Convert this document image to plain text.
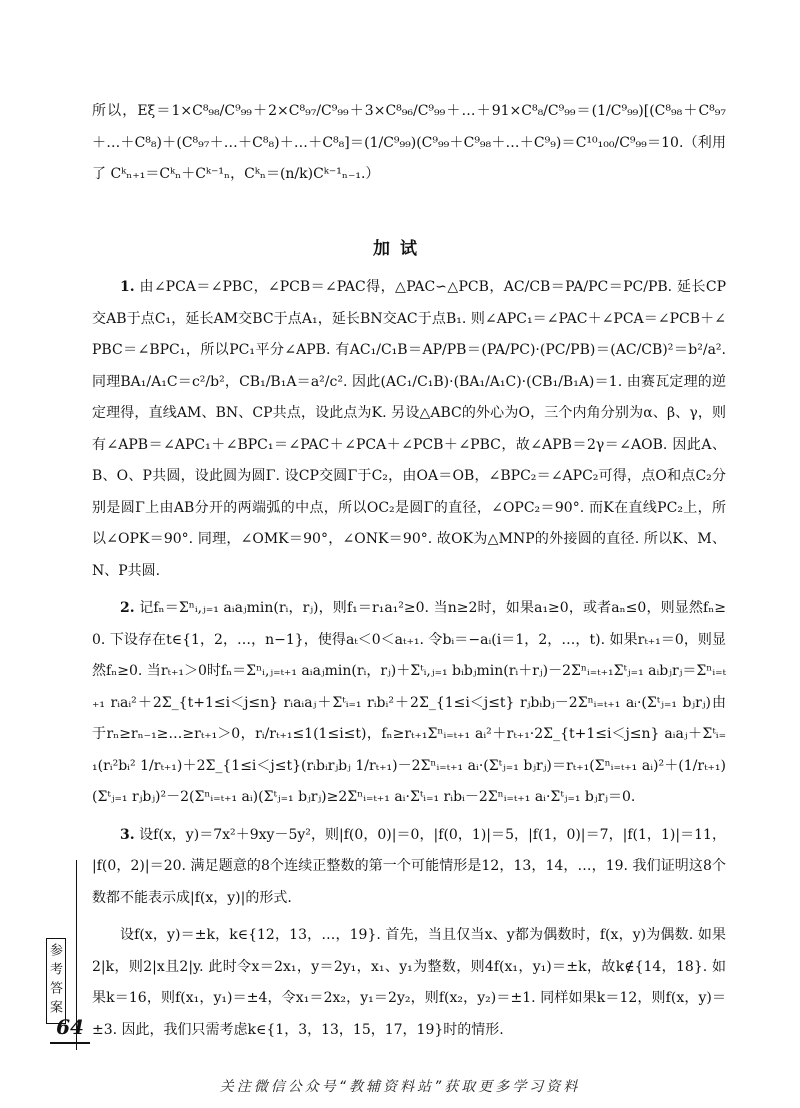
所以，Eξ＝1×C⁸₉₈/C⁹₉₉＋2×C⁸₉₇/C⁹₉₉＋3×C⁸₉₆/C⁹₉₉＋…＋91×C⁸₈/C⁹₉₉＝(1/C⁹₉₉)[(C⁸₉₈＋C⁸₉₇＋…＋C⁸₈)＋(C⁸₉₇＋…＋C⁸₈)＋…＋C⁸₈]＝(1/C⁹₉₉)(C⁹₉₉＋C⁹₉₈＋…＋C⁹₉)＝C¹⁰₁₀₀/C⁹₉₉＝10.（利用了 Cᵏₙ₊₁＝Cᵏₙ＋Cᵏ⁻¹ₙ，Cᵏₙ＝(n/k)Cᵏ⁻¹ₙ₋₁.）

加试

1. 由∠PCA＝∠PBC，∠PCB＝∠PAC得，△PAC∽△PCB，AC/CB＝PA/PC＝PC/PB. 延长CP交AB于点C₁，延长AM交BC于点A₁，延长BN交AC于点B₁. 则∠APC₁＝∠PAC＋∠PCA＝∠PCB＋∠PBC＝∠BPC₁，所以PC₁平分∠APB. 有AC₁/C₁B＝AP/PB＝(PA/PC)·(PC/PB)＝(AC/CB)²＝b²/a². 同理BA₁/A₁C＝c²/b²，CB₁/B₁A＝a²/c². 因此(AC₁/C₁B)·(BA₁/A₁C)·(CB₁/B₁A)＝1. 由赛瓦定理的逆定理得，直线AM、BN、CP共点，设此点为K. 另设△ABC的外心为O，三个内角分别为α、β、γ，则有∠APB＝∠APC₁＋∠BPC₁＝∠PAC＋∠PCA＋∠PCB＋∠PBC，故∠APB＝2γ＝∠AOB. 因此A、B、O、P共圆，设此圆为圆Γ. 设CP交圆Γ于C₂，由OA＝OB，∠BPC₂＝∠APC₂可得，点O和点C₂分别是圆Γ上由AB分开的两端弧的中点，所以OC₂是圆Γ的直径，∠OPC₂＝90°. 而K在直线PC₂上，所以∠OPK＝90°. 同理，∠OMK＝90°，∠ONK＝90°. 故OK为△MNP的外接圆的直径. 所以K、M、N、P共圆.

2. 记fₙ＝Σⁿᵢ,ⱼ₌₁ aᵢaⱼmin(rᵢ，rⱼ)，则f₁＝r₁a₁²≥0. 当n≥2时，如果a₁≥0，或者aₙ≤0，则显然fₙ≥0. 下设存在t∈{1，2，…，n−1}，使得aₜ＜0＜aₜ₊₁. 令bᵢ＝−aᵢ(i＝1，2，…，t). 如果rₜ₊₁＝0，则显然fₙ≥0. 当rₜ₊₁＞0时fₙ＝Σⁿᵢ,ⱼ₌ₜ₊₁ aᵢaⱼmin(rᵢ，rⱼ)＋Σᵗᵢ,ⱼ₌₁ bᵢbⱼmin(rᵢ＋rⱼ)－2Σⁿᵢ₌ₜ₊₁Σᵗⱼ₌₁ aᵢbⱼrⱼ＝Σⁿᵢ₌ₜ₊₁ rᵢaᵢ²＋2Σ_{t+1≤i＜j≤n} rᵢaᵢaⱼ＋Σᵗᵢ₌₁ rᵢbᵢ²＋2Σ_{1≤i＜j≤t} rⱼbᵢbⱼ－2Σⁿᵢ₌ₜ₊₁ aᵢ·(Σᵗⱼ₌₁ bⱼrⱼ)由于rₙ≥rₙ₋₁≥…≥rₜ₊₁＞0，rᵢ/rₜ₊₁≤1(1≤i≤t)，fₙ≥rₜ₊₁Σⁿᵢ₌ₜ₊₁ aᵢ²＋rₜ₊₁·2Σ_{t+1≤i＜j≤n} aᵢaⱼ＋Σᵗᵢ₌₁(rᵢ²bᵢ² 1/rₜ₊₁)＋2Σ_{1≤i＜j≤t}(rᵢbᵢrⱼbⱼ 1/rₜ₊₁)－2Σⁿᵢ₌ₜ₊₁ aᵢ·(Σᵗⱼ₌₁ bⱼrⱼ)＝rₜ₊₁(Σⁿᵢ₌ₜ₊₁ aᵢ)²＋(1/rₜ₊₁)(Σᵗⱼ₌₁ rⱼbⱼ)²－2(Σⁿᵢ₌ₜ₊₁ aᵢ)(Σᵗⱼ₌₁ bⱼrⱼ)≥2Σⁿᵢ₌ₜ₊₁ aᵢ·Σᵗᵢ₌₁ rᵢbᵢ－2Σⁿᵢ₌ₜ₊₁ aᵢ·Σᵗⱼ₌₁ bⱼrⱼ＝0.

3. 设f(x，y)＝7x²＋9xy－5y²，则|f(0，0)|＝0，|f(0，1)|＝5，|f(1，0)|＝7，|f(1，1)|＝11，|f(0，2)|＝20. 满足题意的8个连续正整数的第一个可能情形是12，13，14，…，19. 我们证明这8个数都不能表示成|f(x，y)|的形式.

设f(x，y)＝±k，k∈{12，13，…，19}. 首先，当且仅当x、y都为偶数时，f(x，y)为偶数. 如果2|k，则2|x且2|y. 此时令x＝2x₁，y＝2y₁，x₁、y₁为整数，则4f(x₁，y₁)＝±k，故k∉{14，18}. 如果k＝16，则f(x₁，y₁)＝±4，令x₁＝2x₂，y₁＝2y₂，则f(x₂，y₂)＝±1. 同样如果k＝12，则f(x，y)＝±3. 因此，我们只需考虑k∈{1，3，13，15，17，19}时的情形.

参考答案
64
关注微信公众号“教辅资料站”获取更多学习资料
